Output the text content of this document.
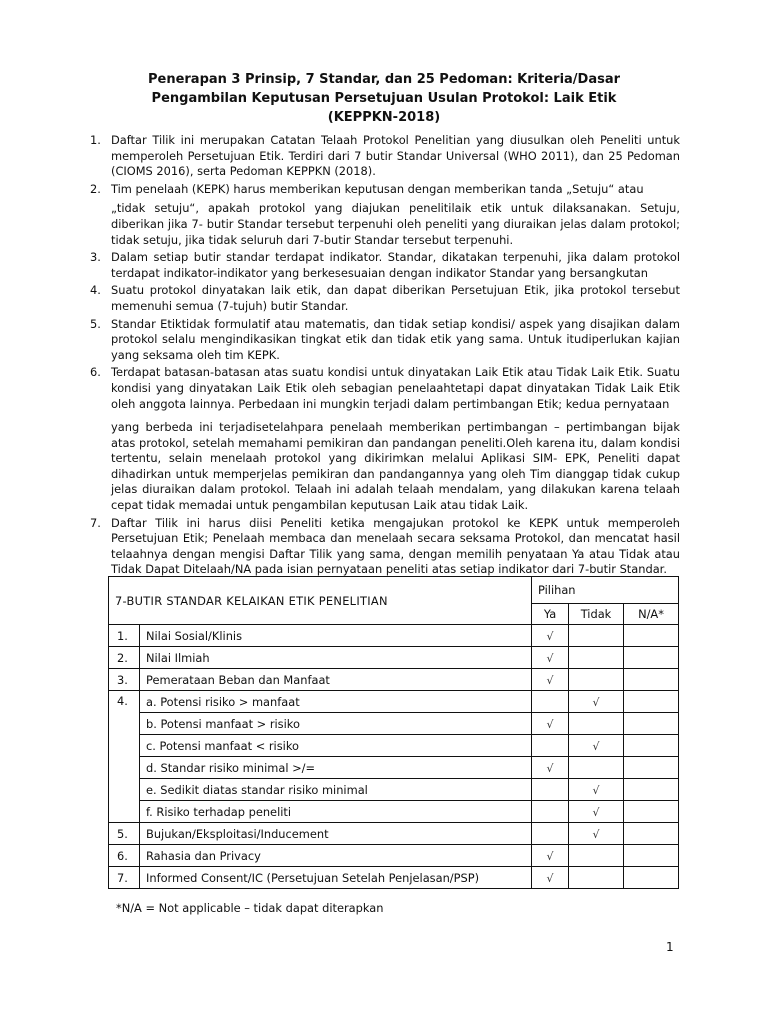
Penerapan 3 Prinsip, 7 Standar, dan 25 Pedoman: Kriteria/Dasar
Pengambilan Keputusan Persetujuan Usulan Protokol: Laik Etik
(KEPPKN-2018)
1. Daftar Tilik ini merupakan Catatan Telaah Protokol Penelitian yang diusulkan oleh Peneliti untuk memperoleh Persetujuan Etik. Terdiri dari 7 butir Standar Universal (WHO 2011), dan 25 Pedoman (CIOMS 2016), serta Pedoman KEPPKN (2018).

2. Tim penelaah (KEPK) harus memberikan keputusan dengan memberikan tanda „Setuju“ atau

„tidak setuju“, apakah protokol yang diajukan penelitilaik etik untuk dilaksanakan. Setuju, diberikan jika 7- butir Standar tersebut terpenuhi oleh peneliti yang diuraikan jelas dalam protokol; tidak setuju, jika tidak seluruh dari 7-butir Standar tersebut terpenuhi.

3. Dalam setiap butir standar terdapat indikator. Standar, dikatakan terpenuhi, jika dalam protokol terdapat indikator-indikator yang berkesesuaian dengan indikator Standar yang bersangkutan

4. Suatu protokol dinyatakan laik etik, dan dapat diberikan Persetujuan Etik, jika protokol tersebut memenuhi semua (7-tujuh) butir Standar.

5. Standar Etiktidak formulatif atau matematis, dan tidak setiap kondisi/ aspek yang disajikan dalam protokol selalu mengindikasikan tingkat etik dan tidak etik yang sama. Untuk itudiperlukan kajian yang seksama oleh tim KEPK.

6. Terdapat batasan-batasan atas suatu kondisi untuk dinyatakan Laik Etik atau Tidak Laik Etik. Suatu kondisi yang dinyatakan Laik Etik oleh sebagian penelaahtetapi dapat dinyatakan Tidak Laik Etik oleh anggota lainnya. Perbedaan ini mungkin terjadi dalam pertimbangan Etik; kedua pernyataan

yang berbeda ini terjadisetelahpara penelaah memberikan pertimbangan – pertimbangan bijak atas protokol, setelah memahami pemikiran dan pandangan peneliti.Oleh karena itu, dalam kondisi tertentu, selain menelaah protokol yang dikirimkan melalui Aplikasi SIM- EPK, Peneliti dapat dihadirkan untuk memperjelas pemikiran dan pandangannya yang oleh Tim dianggap tidak cukup jelas diuraikan dalam protokol. Telaah ini adalah telaah mendalam, yang dilakukan karena telaah cepat tidak memadai untuk pengambilan keputusan Laik atau tidak Laik.

7. Daftar Tilik ini harus diisi Peneliti ketika mengajukan protokol ke KEPK untuk memperoleh Persetujuan Etik; Penelaah membaca dan menelaah secara seksama Protokol, dan mencatat hasil telaahnya dengan mengisi Daftar Tilik yang sama, dengan memilih penyataan Ya atau Tidak atau Tidak Dapat Ditelaah/NA pada isian pernyataan peneliti atas setiap indikator dari 7-butir Standar.

7-BUTIR STANDAR KELAIKAN ETIK PENELITIAN		Pilihan		
		Ya	Tidak	N/A*
1.	Nilai Sosial/Klinis	√		
2.	Nilai Ilmiah	√		
3.	Pemerataan Beban dan Manfaat	√		
4.	a. Potensi risiko > manfaat		√	
	b. Potensi manfaat > risiko	√		
	c. Potensi manfaat < risiko		√	
	d. Standar risiko minimal >/=	√		
	e. Sedikit diatas standar risiko minimal		√	
	f. Risiko terhadap peneliti		√	
5.	Bujukan/Eksploitasi/Inducement		√	
6.	Rahasia dan Privacy	√		
7.	Informed Consent/IC (Persetujuan Setelah Penjelasan/PSP)	√		
*N/A = Not applicable – tidak dapat diterapkan
1
